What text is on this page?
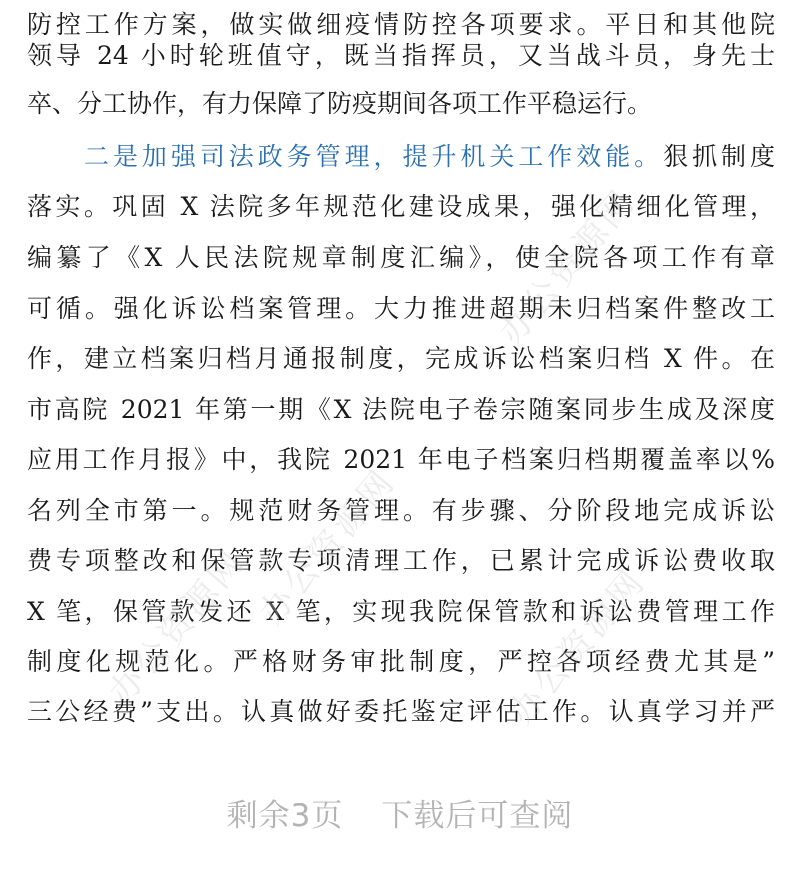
防控工作方案，做实做细疫情防控各项要求。平日和其他院
领导 24 小时轮班值守，既当指挥员，又当战斗员，身先士
卒、分工协作，有力保障了防疫期间各项工作平稳运行。
二是加强司法政务管理，提升机关工作效能。狠抓制度
落实。巩固 X 法院多年规范化建设成果，强化精细化管理，
编纂了《X 人民法院规章制度汇编》，使全院各项工作有章
可循。强化诉讼档案管理。大力推进超期未归档案件整改工
作，建立档案归档月通报制度，完成诉讼档案归档 X 件。在
市高院 2021 年第一期《X 法院电子卷宗随案同步生成及深度
应用工作月报》中，我院 2021 年电子档案归档期覆盖率以%
名列全市第一。规范财务管理。有步骤、分阶段地完成诉讼
费专项整改和保管款专项清理工作，已累计完成诉讼费收取
X 笔，保管款发还 X 笔，实现我院保管款和诉讼费管理工作
制度化规范化。严格财务审批制度，严控各项经费尤其是”
三公经费”支出。认真做好委托鉴定评估工作。认真学习并严
办公资源网
办公资源网
办公资源网
办公资源网
剩余3页 下载后可查阅
